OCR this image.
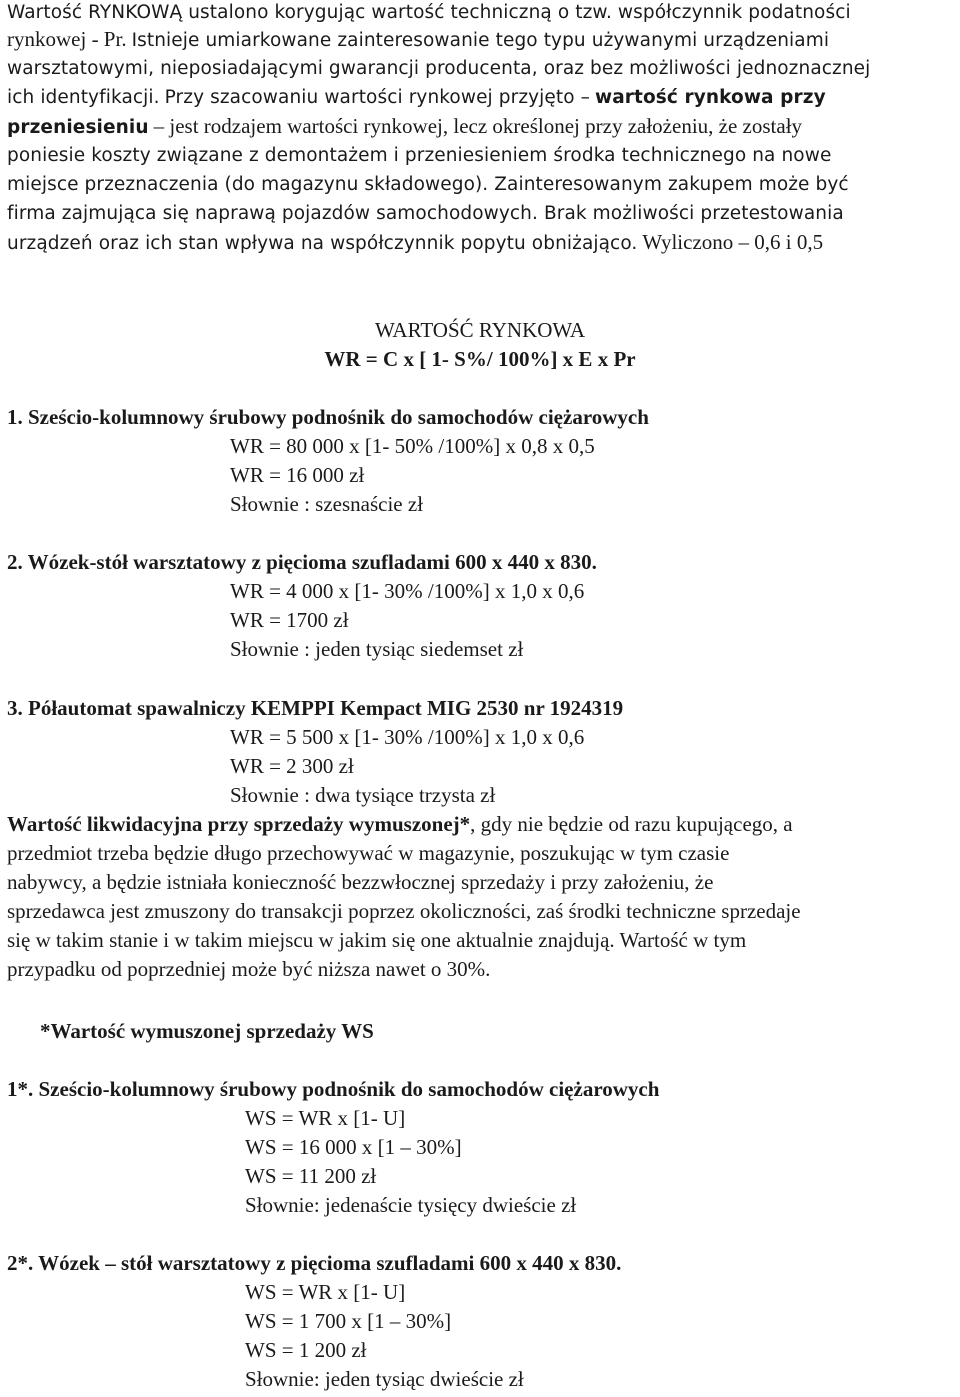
Wartość RYNKOWĄ ustalono korygując wartość techniczną o tzw. współczynnik podatności
rynkowej - Pr. Istnieje umiarkowane zainteresowanie tego typu używanymi urządzeniami
warsztatowymi, nieposiadającymi gwarancji producenta, oraz bez możliwości jednoznacznej
ich identyfikacji. Przy szacowaniu wartości rynkowej przyjęto – wartość rynkowa przy
przeniesieniu – jest rodzajem wartości rynkowej, lecz określonej przy założeniu, że zostały
poniesie koszty związane z demontażem i przeniesieniem środka technicznego na nowe
miejsce przeznaczenia (do magazynu składowego). Zainteresowanym zakupem może być
firma zajmująca się naprawą pojazdów samochodowych. Brak możliwości przetestowania
urządzeń oraz ich stan wpływa na współczynnik popytu obniżająco. Wyliczono – 0,6 i 0,5
WARTOŚĆ RYNKOWA
WR = C x [ 1- S%/ 100%] x E x Pr
1. Sześcio-kolumnowy śrubowy podnośnik do samochodów ciężarowych
WR = 80 000 x [1- 50% /100%] x 0,8 x 0,5
WR = 16 000 zł
Słownie : szesnaście zł
2. Wózek-stół warsztatowy z pięcioma szufladami 600 x 440 x 830.
WR = 4 000 x [1- 30% /100%] x 1,0 x 0,6
WR = 1700 zł
Słownie : jeden tysiąc siedemset zł
3. Półautomat spawalniczy KEMPPI Kempact MIG 2530 nr 1924319
WR = 5 500 x [1- 30% /100%] x 1,0 x 0,6
WR = 2 300 zł
Słownie : dwa tysiące trzysta zł
Wartość likwidacyjna przy sprzedaży wymuszonej*, gdy nie będzie od razu kupującego, a
przedmiot trzeba będzie długo przechowywać w magazynie, poszukując w tym czasie
nabywcy, a będzie istniała konieczność bezzwłocznej sprzedaży i przy założeniu, że
sprzedawca jest zmuszony do transakcji poprzez okoliczności, zaś środki techniczne sprzedaje
się w takim stanie i w takim miejscu w jakim się one aktualnie znajdują. Wartość w tym
przypadku od poprzedniej może być niższa nawet o 30%.
*Wartość wymuszonej sprzedaży WS
1*. Sześcio-kolumnowy śrubowy podnośnik do samochodów ciężarowych
WS = WR x [1- U]
WS = 16 000 x [1 – 30%]
WS = 11 200 zł
Słownie: jedenaście tysięcy dwieście zł
2*. Wózek – stół warsztatowy z pięcioma szufladami 600 x 440 x 830.
WS = WR x [1- U]
WS = 1 700 x [1 – 30%]
WS = 1 200 zł
Słownie: jeden tysiąc dwieście zł
